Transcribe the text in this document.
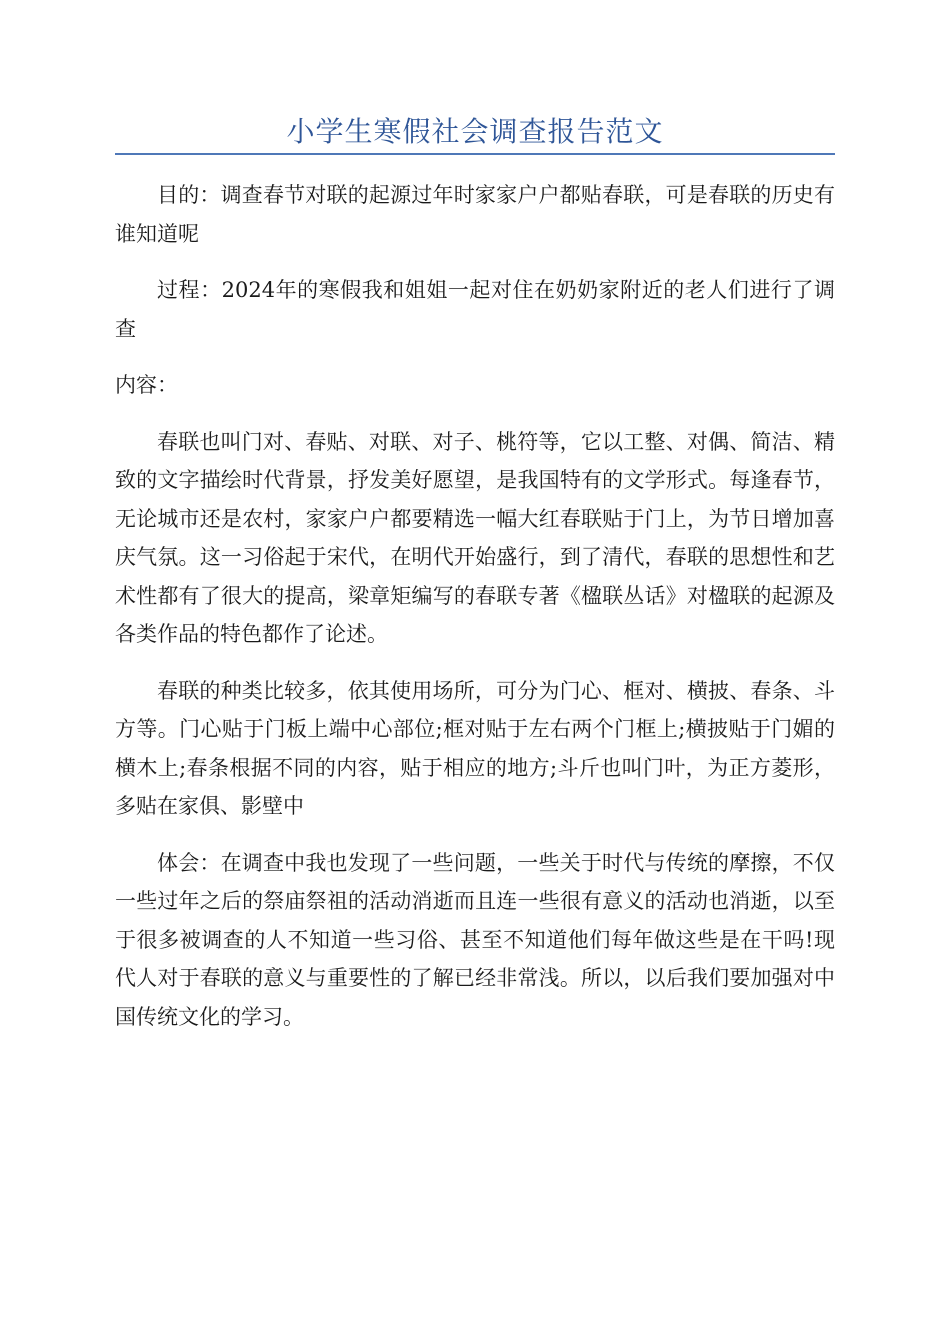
小学生寒假社会调查报告范文

目的：调查春节对联的起源过年时家家户户都贴春联，可是春联的历史有谁知道呢

过程：2024年的寒假我和姐姐一起对住在奶奶家附近的老人们进行了调查

内容：

春联也叫门对、春贴、对联、对子、桃符等，它以工整、对偶、简洁、精致的文字描绘时代背景，抒发美好愿望，是我国特有的文学形式。每逢春节，无论城市还是农村，家家户户都要精选一幅大红春联贴于门上，为节日增加喜庆气氛。这一习俗起于宋代，在明代开始盛行，到了清代，春联的思想性和艺术性都有了很大的提高，梁章矩编写的春联专著《楹联丛话》对楹联的起源及各类作品的特色都作了论述。

春联的种类比较多，依其使用场所，可分为门心、框对、横披、春条、斗方等。门心贴于门板上端中心部位;框对贴于左右两个门框上;横披贴于门媚的横木上;春条根据不同的内容，贴于相应的地方;斗斤也叫门叶，为正方菱形，多贴在家俱、影壁中

体会：在调查中我也发现了一些问题，一些关于时代与传统的摩擦，不仅一些过年之后的祭庙祭祖的活动消逝而且连一些很有意义的活动也消逝，以至于很多被调查的人不知道一些习俗、甚至不知道他们每年做这些是在干吗!现代人对于春联的意义与重要性的了解已经非常浅。所以，以后我们要加强对中国传统文化的学习。
